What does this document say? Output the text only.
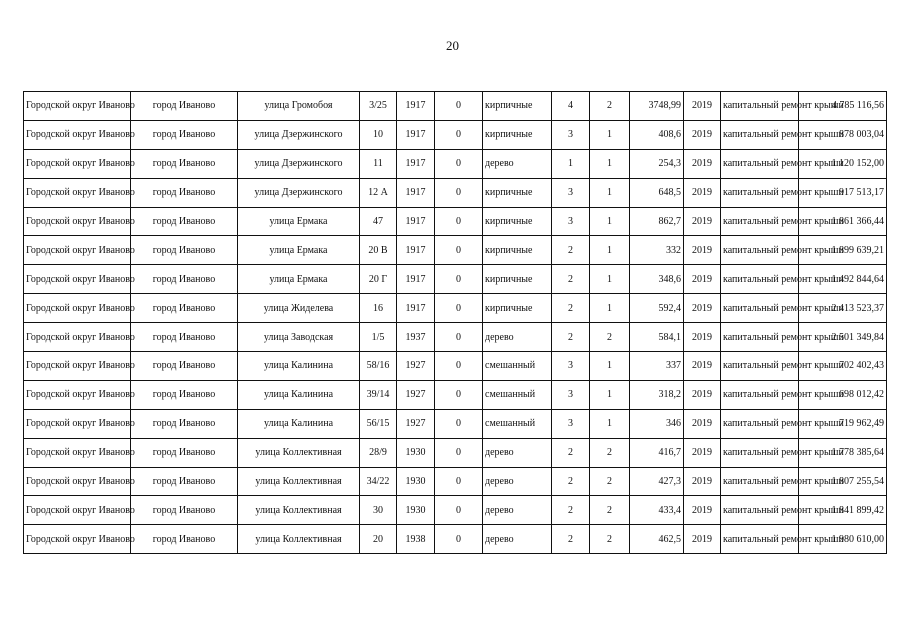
20
Городской округ Иваново	город Иваново	улица Громобоя	3/25	1917	0	кирпичные	4	2	3748,99	2019	капитальный ремонт крыши	4 785 116,56
Городской округ Иваново	город Иваново	улица Дзержинского	10	1917	0	кирпичные	3	1	408,6	2019	капитальный ремонт крыши	878 003,04
Городской округ Иваново	город Иваново	улица Дзержинского	11	1917	0	дерево	1	1	254,3	2019	капитальный ремонт крыши	1 120 152,00
Городской округ Иваново	город Иваново	улица Дзержинского	12 А	1917	0	кирпичные	3	1	648,5	2019	капитальный ремонт крыши	917 513,17
Городской округ Иваново	город Иваново	улица Ермака	47	1917	0	кирпичные	3	1	862,7	2019	капитальный ремонт крыши	1 861 366,44
Городской округ Иваново	город Иваново	улица Ермака	20 В	1917	0	кирпичные	2	1	332	2019	капитальный ремонт крыши	1 899 639,21
Городской округ Иваново	город Иваново	улица Ермака	20 Г	1917	0	кирпичные	2	1	348,6	2019	капитальный ремонт крыши	1 492 844,64
Городской округ Иваново	город Иваново	улица Жиделева	16	1917	0	кирпичные	2	1	592,4	2019	капитальный ремонт крыши	2 413 523,37
Городской округ Иваново	город Иваново	улица Заводская	1/5	1937	0	дерево	2	2	584,1	2019	капитальный ремонт крыши	2 501 349,84
Городской округ Иваново	город Иваново	улица Калинина	58/16	1927	0	смешанный	3	1	337	2019	капитальный ремонт крыши	702 402,43
Городской округ Иваново	город Иваново	улица Калинина	39/14	1927	0	смешанный	3	1	318,2	2019	капитальный ремонт крыши	698 012,42
Городской округ Иваново	город Иваново	улица Калинина	56/15	1927	0	смешанный	3	1	346	2019	капитальный ремонт крыши	719 962,49
Городской округ Иваново	город Иваново	улица Коллективная	28/9	1930	0	дерево	2	2	416,7	2019	капитальный ремонт крыши	1 778 385,64
Городской округ Иваново	город Иваново	улица Коллективная	34/22	1930	0	дерево	2	2	427,3	2019	капитальный ремонт крыши	1 807 255,54
Городской округ Иваново	город Иваново	улица Коллективная	30	1930	0	дерево	2	2	433,4	2019	капитальный ремонт крыши	1 841 899,42
Городской округ Иваново	город Иваново	улица Коллективная	20	1938	0	дерево	2	2	462,5	2019	капитальный ремонт крыши	1 980 610,00
